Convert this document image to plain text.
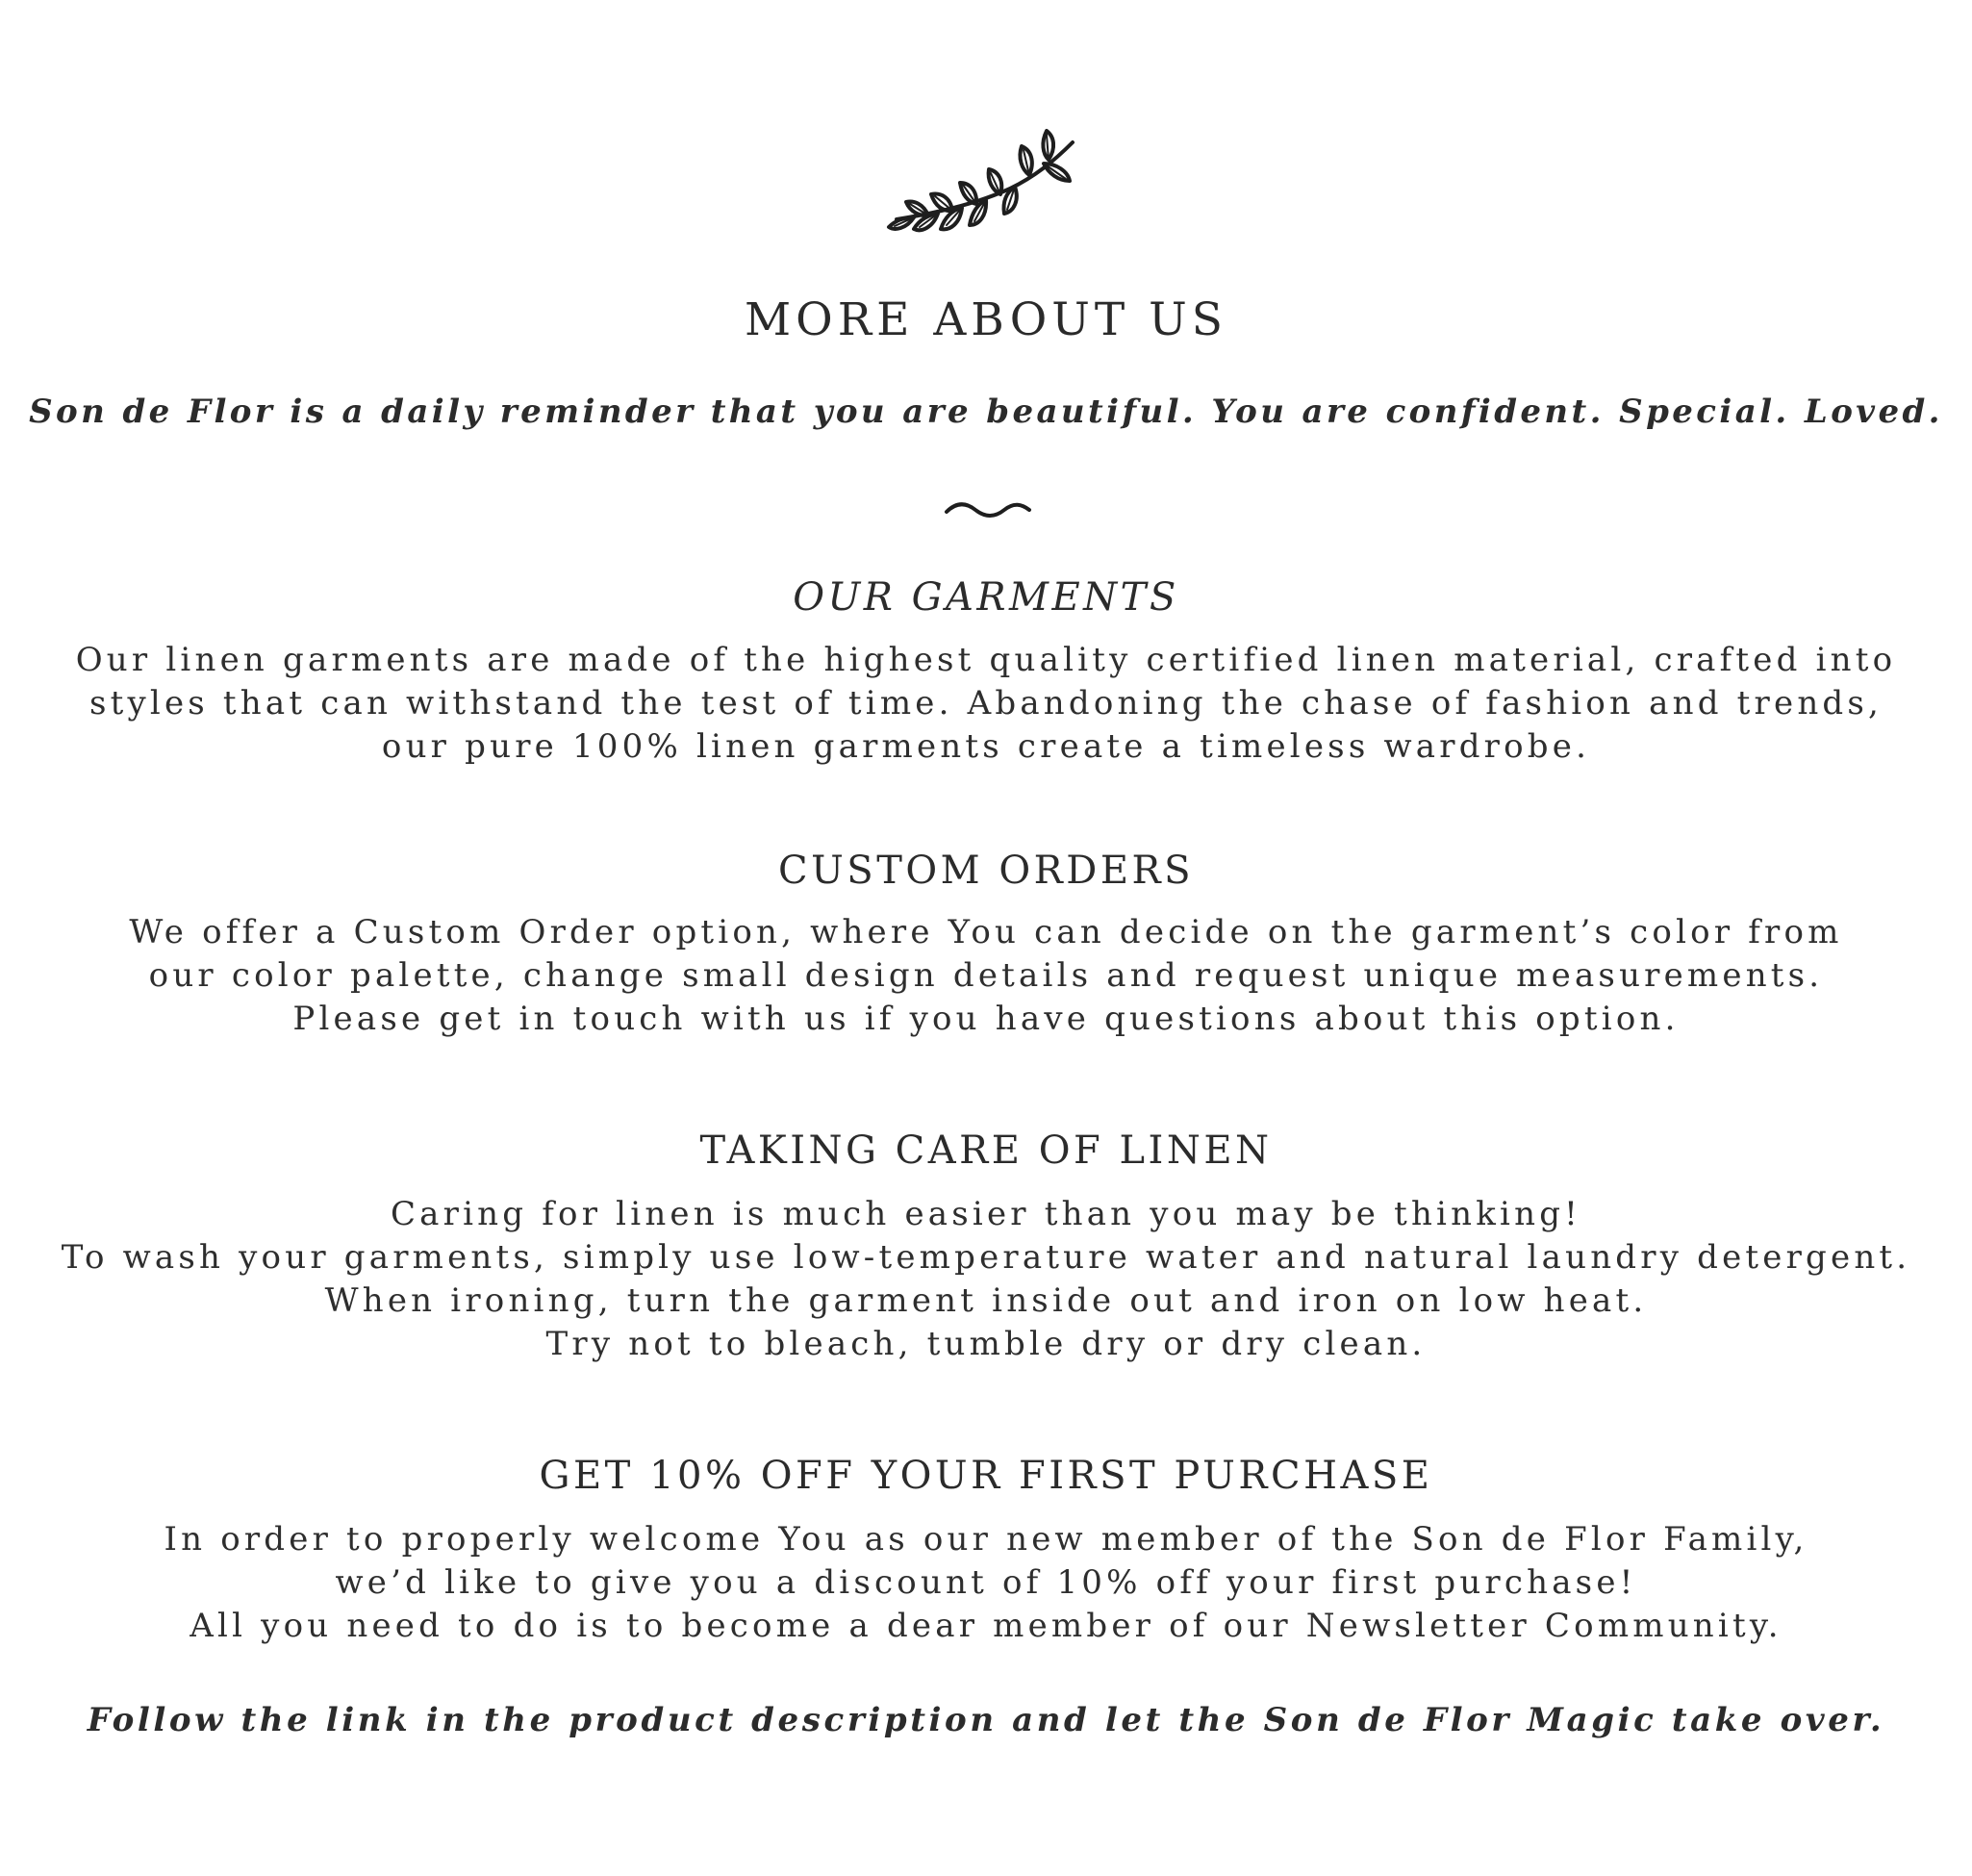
MORE ABOUT US

Son de Flor is a daily reminder that you are beautiful. You are confident. Special. Loved.

OUR GARMENTS

Our linen garments are made of the highest quality certified linen material, crafted into
styles that can withstand the test of time. Abandoning the chase of fashion and trends,
our pure 100% linen garments create a timeless wardrobe.

CUSTOM ORDERS

We offer a Custom Order option, where You can decide on the garment’s color from
our color palette, change small design details and request unique measurements.
Please get in touch with us if you have questions about this option.

TAKING CARE OF LINEN

Caring for linen is much easier than you may be thinking!
To wash your garments, simply use low-temperature water and natural laundry detergent.
When ironing, turn the garment inside out and iron on low heat.
Try not to bleach, tumble dry or dry clean.

GET 10% OFF YOUR FIRST PURCHASE

In order to properly welcome You as our new member of the Son de Flor Family,
we’d like to give you a discount of 10% off your first purchase!
All you need to do is to become a dear member of our Newsletter Community.

Follow the link in the product description and let the Son de Flor Magic take over.
